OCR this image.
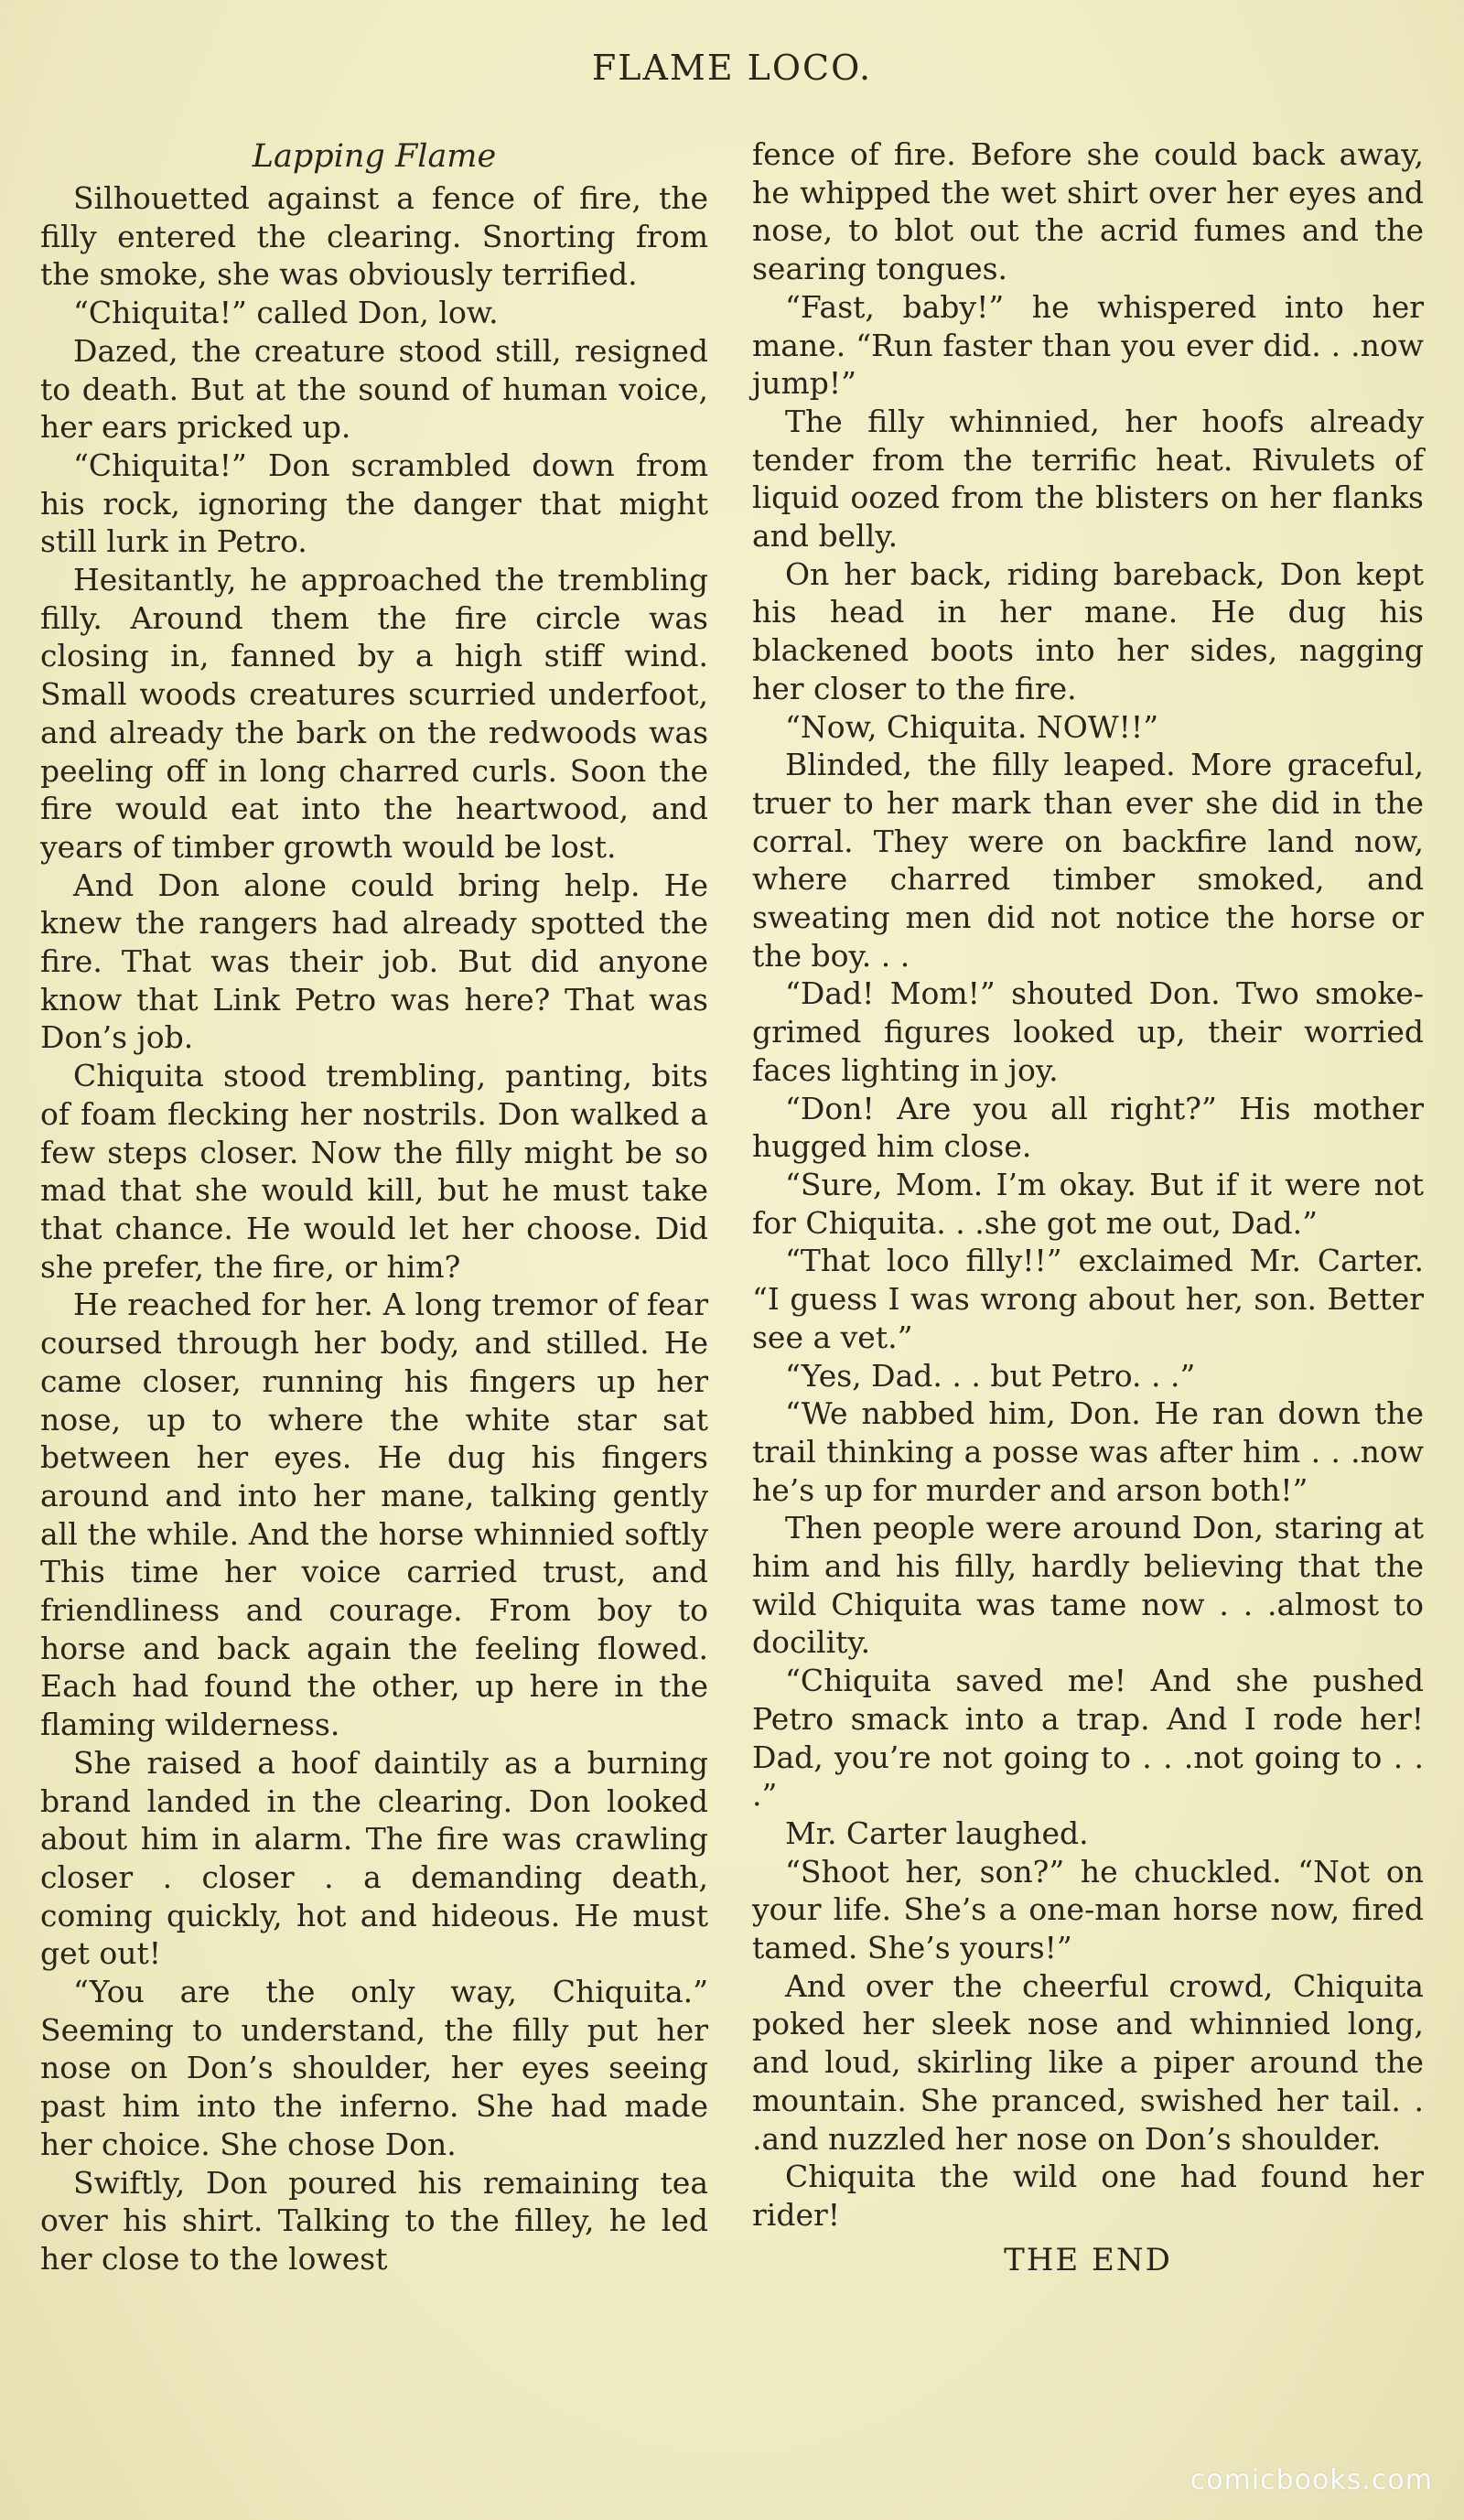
FLAME LOCO.
Lapping Flame

Silhouetted against a fence of fire, the filly entered the clearing. Snorting from the smoke, she was obviously terrified.

“Chiquita!” called Don, low.

Dazed, the creature stood still, resigned to death. But at the sound of human voice, her ears pricked up.

“Chiquita!” Don scrambled down from his rock, ignoring the danger that might still lurk in Petro.

Hesitantly, he approached the trembling filly. Around them the fire circle was closing in, fanned by a high stiff wind. Small woods creatures scurried underfoot, and already the bark on the redwoods was peeling off in long charred curls. Soon the fire would eat into the heartwood, and years of timber growth would be lost.

And Don alone could bring help. He knew the rangers had already spotted the fire. That was their job. But did anyone know that Link Petro was here? That was Don’s job.

Chiquita stood trembling, panting, bits of foam flecking her nostrils. Don walked a few steps closer. Now the filly might be so mad that she would kill, but he must take that chance. He would let her choose. Did she prefer, the fire, or him?

He reached for her. A long tremor of fear coursed through her body, and stilled. He came closer, running his fingers up her nose, up to where the white star sat between her eyes. He dug his fingers around and into her mane, talking gently all the while. And the horse whinnied softly This time her voice carried trust, and friendliness and courage. From boy to horse and back again the feeling flowed. Each had found the other, up here in the flaming wilderness.

She raised a hoof daintily as a burning brand landed in the clearing. Don looked about him in alarm. The fire was crawling closer . closer . a demanding death, coming quickly, hot and hideous. He must get out!

“You are the only way, Chiquita.” Seeming to understand, the filly put her nose on Don’s shoulder, her eyes seeing past him into the inferno. She had made her choice. She chose Don.

Swiftly, Don poured his remaining tea over his shirt. Talking to the filley, he led her close to the lowest

fence of fire. Before she could back away, he whipped the wet shirt over her eyes and nose, to blot out the acrid fumes and the searing tongues.

“Fast, baby!” he whispered into her mane. “Run faster than you ever did. . .now jump!”

The filly whinnied, her hoofs already tender from the terrific heat. Rivulets of liquid oozed from the blisters on her flanks and belly.

On her back, riding bareback, Don kept his head in her mane. He dug his blackened boots into her sides, nagging her closer to the fire.

“Now, Chiquita. NOW!!”

Blinded, the filly leaped. More graceful, truer to her mark than ever she did in the corral. They were on backfire land now, where charred timber smoked, and sweating men did not notice the horse or the boy. . .

“Dad! Mom!” shouted Don. Two smoke-grimed figures looked up, their worried faces lighting in joy.

“Don! Are you all right?” His mother hugged him close.

“Sure, Mom. I’m okay. But if it were not for Chiquita. . .she got me out, Dad.”

“That loco filly!!” exclaimed Mr. Carter. “I guess I was wrong about her, son. Better see a vet.”

“Yes, Dad. . . but Petro. . .”

“We nabbed him, Don. He ran down the trail thinking a posse was after him . . .now he’s up for murder and arson both!”

Then people were around Don, staring at him and his filly, hardly believing that the wild Chiquita was tame now . . .almost to docility.

“Chiquita saved me! And she pushed Petro smack into a trap. And I rode her! Dad, you’re not going to . . .not going to . . .”

Mr. Carter laughed.

“Shoot her, son?” he chuckled. “Not on your life. She’s a one-man horse now, fired tamed. She’s yours!”

And over the cheerful crowd, Chiquita poked her sleek nose and whinnied long, and loud, skirling like a piper around the mountain. She pranced, swished her tail. . .and nuzzled her nose on Don’s shoulder.

Chiquita the wild one had found her rider!

THE END
comicbooks.com
